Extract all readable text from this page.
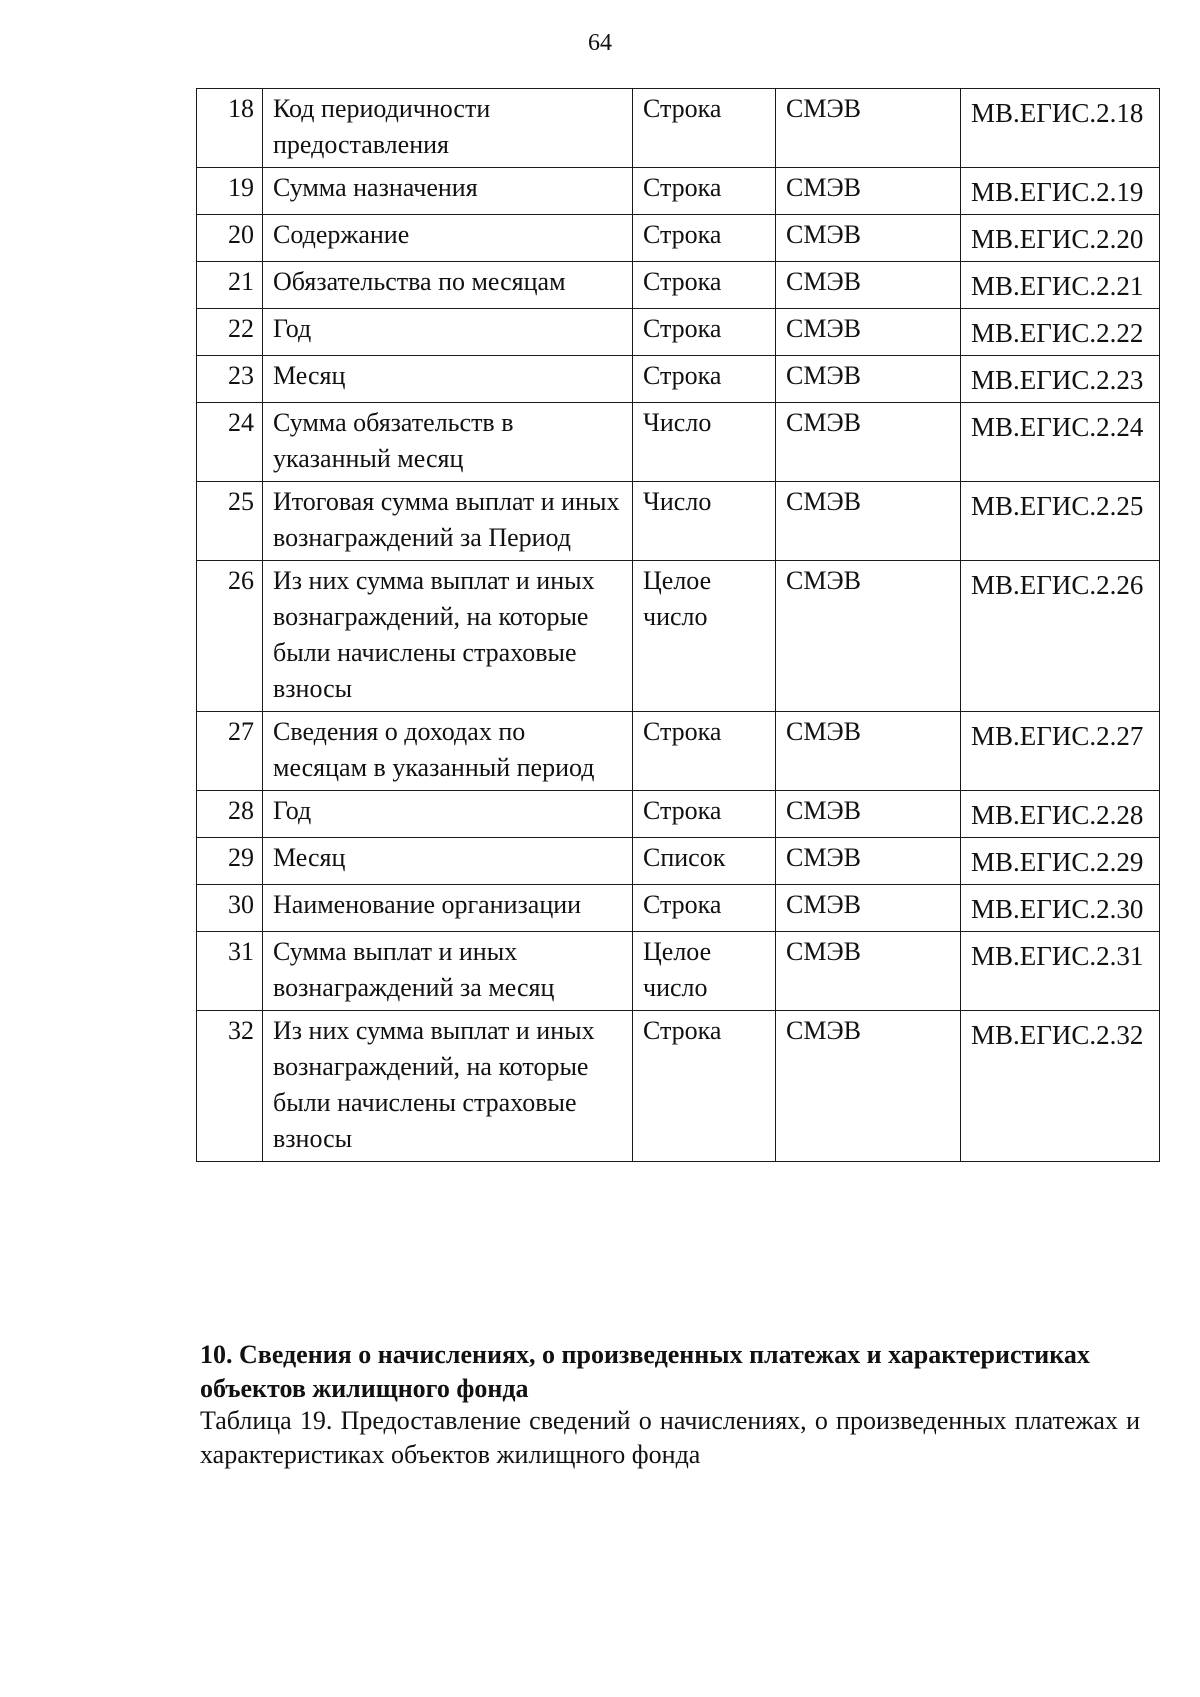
64
18	Код периодичности предоставления	Строка	СМЭВ	МВ.ЕГИС.2.18
19	Сумма назначения	Строка	СМЭВ	МВ.ЕГИС.2.19
20	Содержание	Строка	СМЭВ	МВ.ЕГИС.2.20
21	Обязательства по месяцам	Строка	СМЭВ	МВ.ЕГИС.2.21
22	Год	Строка	СМЭВ	МВ.ЕГИС.2.22
23	Месяц	Строка	СМЭВ	МВ.ЕГИС.2.23
24	Сумма обязательств в указанный месяц	Число	СМЭВ	МВ.ЕГИС.2.24
25	Итоговая сумма выплат и иных вознаграждений за Период	Число	СМЭВ	МВ.ЕГИС.2.25
26	Из них сумма выплат и иных вознаграждений, на которые были начислены страховые взносы	Целое число	СМЭВ	МВ.ЕГИС.2.26
27	Сведения о доходах по месяцам в указанный период	Строка	СМЭВ	МВ.ЕГИС.2.27
28	Год	Строка	СМЭВ	МВ.ЕГИС.2.28
29	Месяц	Список	СМЭВ	МВ.ЕГИС.2.29
30	Наименование организации	Строка	СМЭВ	МВ.ЕГИС.2.30
31	Сумма выплат и иных вознаграждений за месяц	Целое число	СМЭВ	МВ.ЕГИС.2.31
32	Из них сумма выплат и иных вознаграждений, на которые были начислены страховые взносы	Строка	СМЭВ	МВ.ЕГИС.2.32
10. Сведения о начислениях, о произведенных платежах и характеристиках объектов жилищного фонда
Таблица 19. Предоставление сведений о начислениях, о произведенных платежах и характеристиках объектов жилищного фонда
